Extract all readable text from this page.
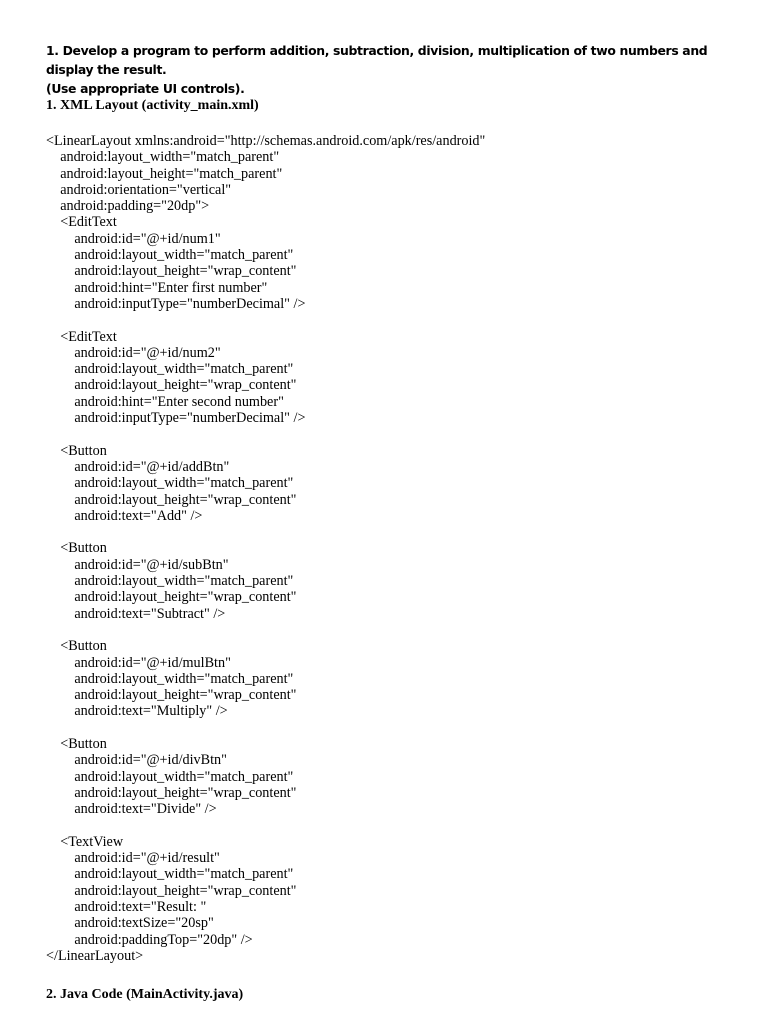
1. Develop a program to perform addition, subtraction, division, multiplication of two numbers and display the result.
(Use appropriate UI controls).
1. XML Layout (activity_main.xml)
<LinearLayout xmlns:android="http://schemas.android.com/apk/res/android"
android:layout_width="match_parent"
android:layout_height="match_parent"
android:orientation="vertical"
android:padding="20dp">
<EditText
android:id="@+id/num1"
android:layout_width="match_parent"
android:layout_height="wrap_content"
android:hint="Enter first number"
android:inputType="numberDecimal" />
<EditText
android:id="@+id/num2"
android:layout_width="match_parent"
android:layout_height="wrap_content"
android:hint="Enter second number"
android:inputType="numberDecimal" />
<Button
android:id="@+id/addBtn"
android:layout_width="match_parent"
android:layout_height="wrap_content"
android:text="Add" />
<Button
android:id="@+id/subBtn"
android:layout_width="match_parent"
android:layout_height="wrap_content"
android:text="Subtract" />
<Button
android:id="@+id/mulBtn"
android:layout_width="match_parent"
android:layout_height="wrap_content"
android:text="Multiply" />
<Button
android:id="@+id/divBtn"
android:layout_width="match_parent"
android:layout_height="wrap_content"
android:text="Divide" />
<TextView
android:id="@+id/result"
android:layout_width="match_parent"
android:layout_height="wrap_content"
android:text="Result: "
android:textSize="20sp"
android:paddingTop="20dp" />
</LinearLayout>
2. Java Code (MainActivity.java)
